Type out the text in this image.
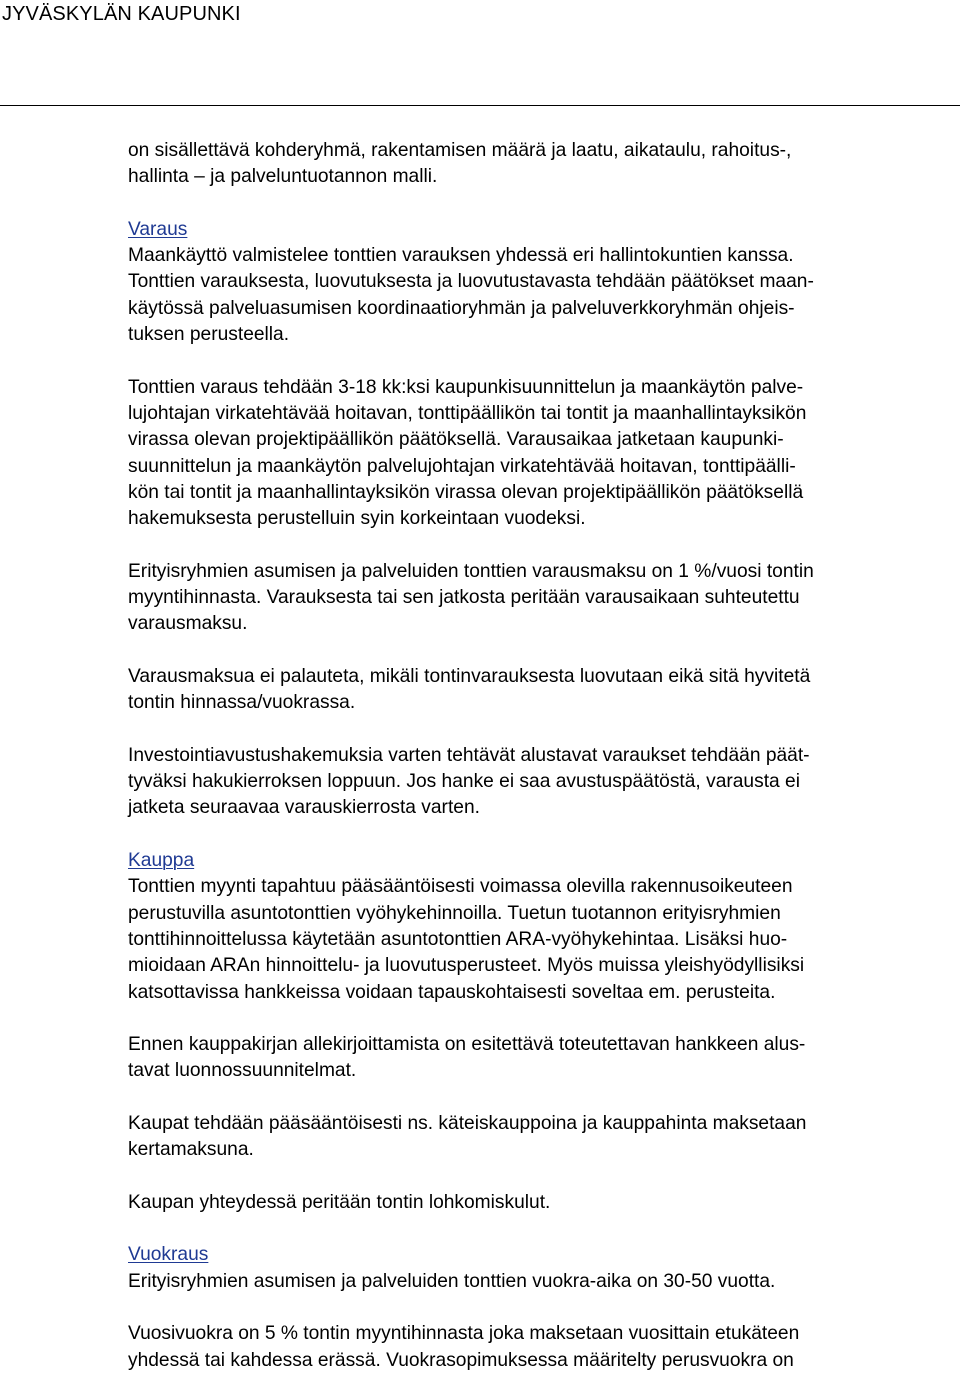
JYVÄSKYLÄN KAUPUNKI

on sisällettävä kohderyhmä, rakentamisen määrä ja laatu, aikataulu, rahoitus-,
hallinta – ja palveluntuotannon malli.

Varaus
Maankäyttö valmistelee tonttien varauksen yhdessä eri hallintokuntien kanssa.
Tonttien varauksesta, luovutuksesta ja luovutustavasta tehdään päätökset maan-
käytössä palveluasumisen koordinaatioryhmän ja palveluverkkoryhmän ohjeis-
tuksen perusteella.

Tonttien varaus tehdään 3-18 kk:ksi kaupunkisuunnittelun ja maankäytön palve-
lujohtajan virkatehtävää hoitavan, tonttipäällikön tai tontit ja maanhallintayksikön
virassa olevan projektipäällikön päätöksellä. Varausaikaa jatketaan kaupunki-
suunnittelun ja maankäytön palvelujohtajan virkatehtävää hoitavan, tonttipäälli-
kön tai tontit ja maanhallintayksikön virassa olevan projektipäällikön päätöksellä
hakemuksesta perustelluin syin korkeintaan vuodeksi.

Erityisryhmien asumisen ja palveluiden tonttien varausmaksu on 1 %/vuosi tontin
myyntihinnasta. Varauksesta tai sen jatkosta peritään varausaikaan suhteutettu
varausmaksu.

Varausmaksua ei palauteta, mikäli tontinvarauksesta luovutaan eikä sitä hyvitetä
tontin hinnassa/vuokrassa.

Investointiavustushakemuksia varten tehtävät alustavat varaukset tehdään päät-
tyväksi hakukierroksen loppuun. Jos hanke ei saa avustuspäätöstä, varausta ei
jatketa seuraavaa varauskierrosta varten.

Kauppa
Tonttien myynti tapahtuu pääsääntöisesti voimassa olevilla rakennusoikeuteen
perustuvilla asuntotonttien vyöhykehinnoilla. Tuetun tuotannon erityisryhmien
tonttihinnoittelussa käytetään asuntotonttien ARA-vyöhykehintaa. Lisäksi huo-
mioidaan ARAn hinnoittelu- ja luovutusperusteet. Myös muissa yleishyödyllisiksi
katsottavissa hankkeissa voidaan tapauskohtaisesti soveltaa em. perusteita.

Ennen kauppakirjan allekirjoittamista on esitettävä toteutettavan hankkeen alus-
tavat luonnossuunnitelmat.

Kaupat tehdään pääsääntöisesti ns. käteiskauppoina ja kauppahinta maksetaan
kertamaksuna.

Kaupan yhteydessä peritään tontin lohkomiskulut.

Vuokraus
Erityisryhmien asumisen ja palveluiden tonttien vuokra-aika on 30-50 vuotta.

Vuosivuokra on 5 % tontin myyntihinnasta joka maksetaan vuosittain etukäteen
yhdessä tai kahdessa erässä. Vuokrasopimuksessa määritelty perusvuokra on
